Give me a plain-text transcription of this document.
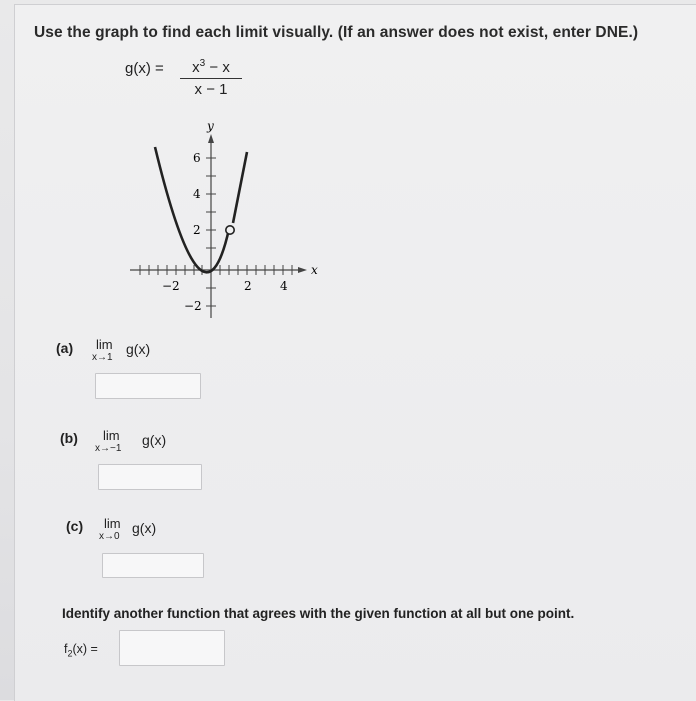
Use the graph to find each limit visually. (If an answer does not exist, enter DNE.)
$g(x) = \frac{x^3 - x}{x - 1}$
y
x
6
4
2
−2
−2	2 4
(a) lim
x→1
g(x)
(b) lim
x→−1
g(x)
(c) lim
x→0
g(x)
Identify another function that agrees with the given function at all but one point.
$f_2(x)$ =
